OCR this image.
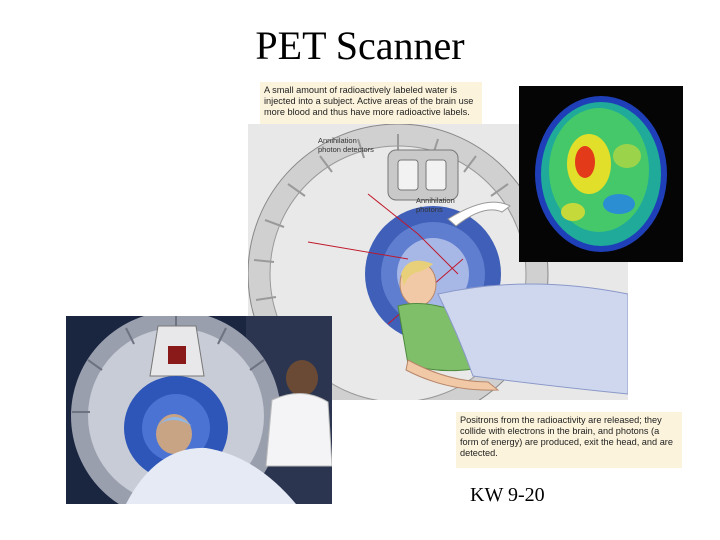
PET Scanner
A small amount of radioactively labeled water is injected into a subject. Active areas of the brain use more blood and thus have more radioactive labels.
Positrons from the radioactivity are released; they collide with electrons in the brain, and photons (a form of energy) are produced, exit the head, and are detected.
Annihilation
photon detectors
Annihilation
photons
KW 9-20
